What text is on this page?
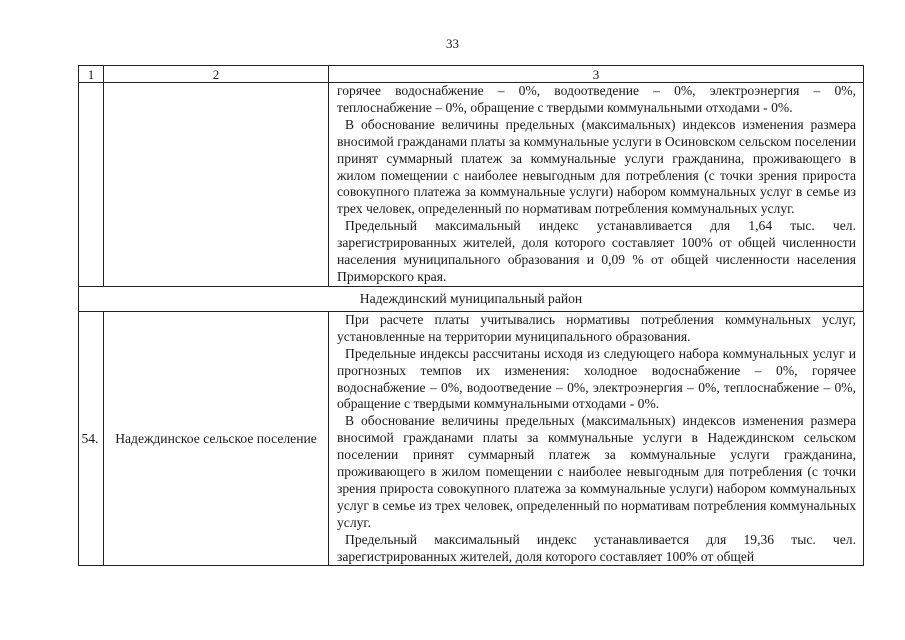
33
1	2	3

		горячее водоснабжение – 0%, водоотведение – 0%, электроэнергия – 0%, теплоснабжение – 0%, обращение с твердыми коммунальными отходами - 0%.

В обоснование величины предельных (максимальных) индексов изменения размера вносимой гражданами платы за коммунальные услуги в Осиновском сельском поселении принят суммарный платеж за коммунальные услуги гражданина, проживающего в жилом помещении с наиболее невыгодным для потребления (с точки зрения прироста совокупного платежа за коммунальные услуги) набором коммунальных услуг в семье из трех человек, определенный по нормативам потребления коммунальных услуг.

Предельный максимальный индекс устанавливается для 1,64 тыс. чел. зарегистрированных жителей, доля которого составляет 100% от общей численности населения муниципального образования и 0,09 % от общей численности населения Приморского края.

Надеждинский муниципальный район		
54.	Надеждинское сельское поселение	При расчете платы учитывались нормативы потребления коммунальных услуг, установленные на территории муниципального образования.

Предельные индексы рассчитаны исходя из следующего набора коммунальных услуг и прогнозных темпов их изменения: холодное водоснабжение – 0%, горячее водоснабжение – 0%, водоотведение – 0%, электроэнергия – 0%, теплоснабжение – 0%, обращение с твердыми коммунальными отходами - 0%.

В обоснование величины предельных (максимальных) индексов изменения размера вносимой гражданами платы за коммунальные услуги в Надеждинском сельском поселении принят суммарный платеж за коммунальные услуги гражданина, проживающего в жилом помещении с наиболее невыгодным для потребления (с точки зрения прироста совокупного платежа за коммунальные услуги) набором коммунальных услуг в семье из трех человек, определенный по нормативам потребления коммунальных услуг.

Предельный максимальный индекс устанавливается для 19,36 тыс. чел. зарегистрированных жителей, доля которого составляет 100% от общей
